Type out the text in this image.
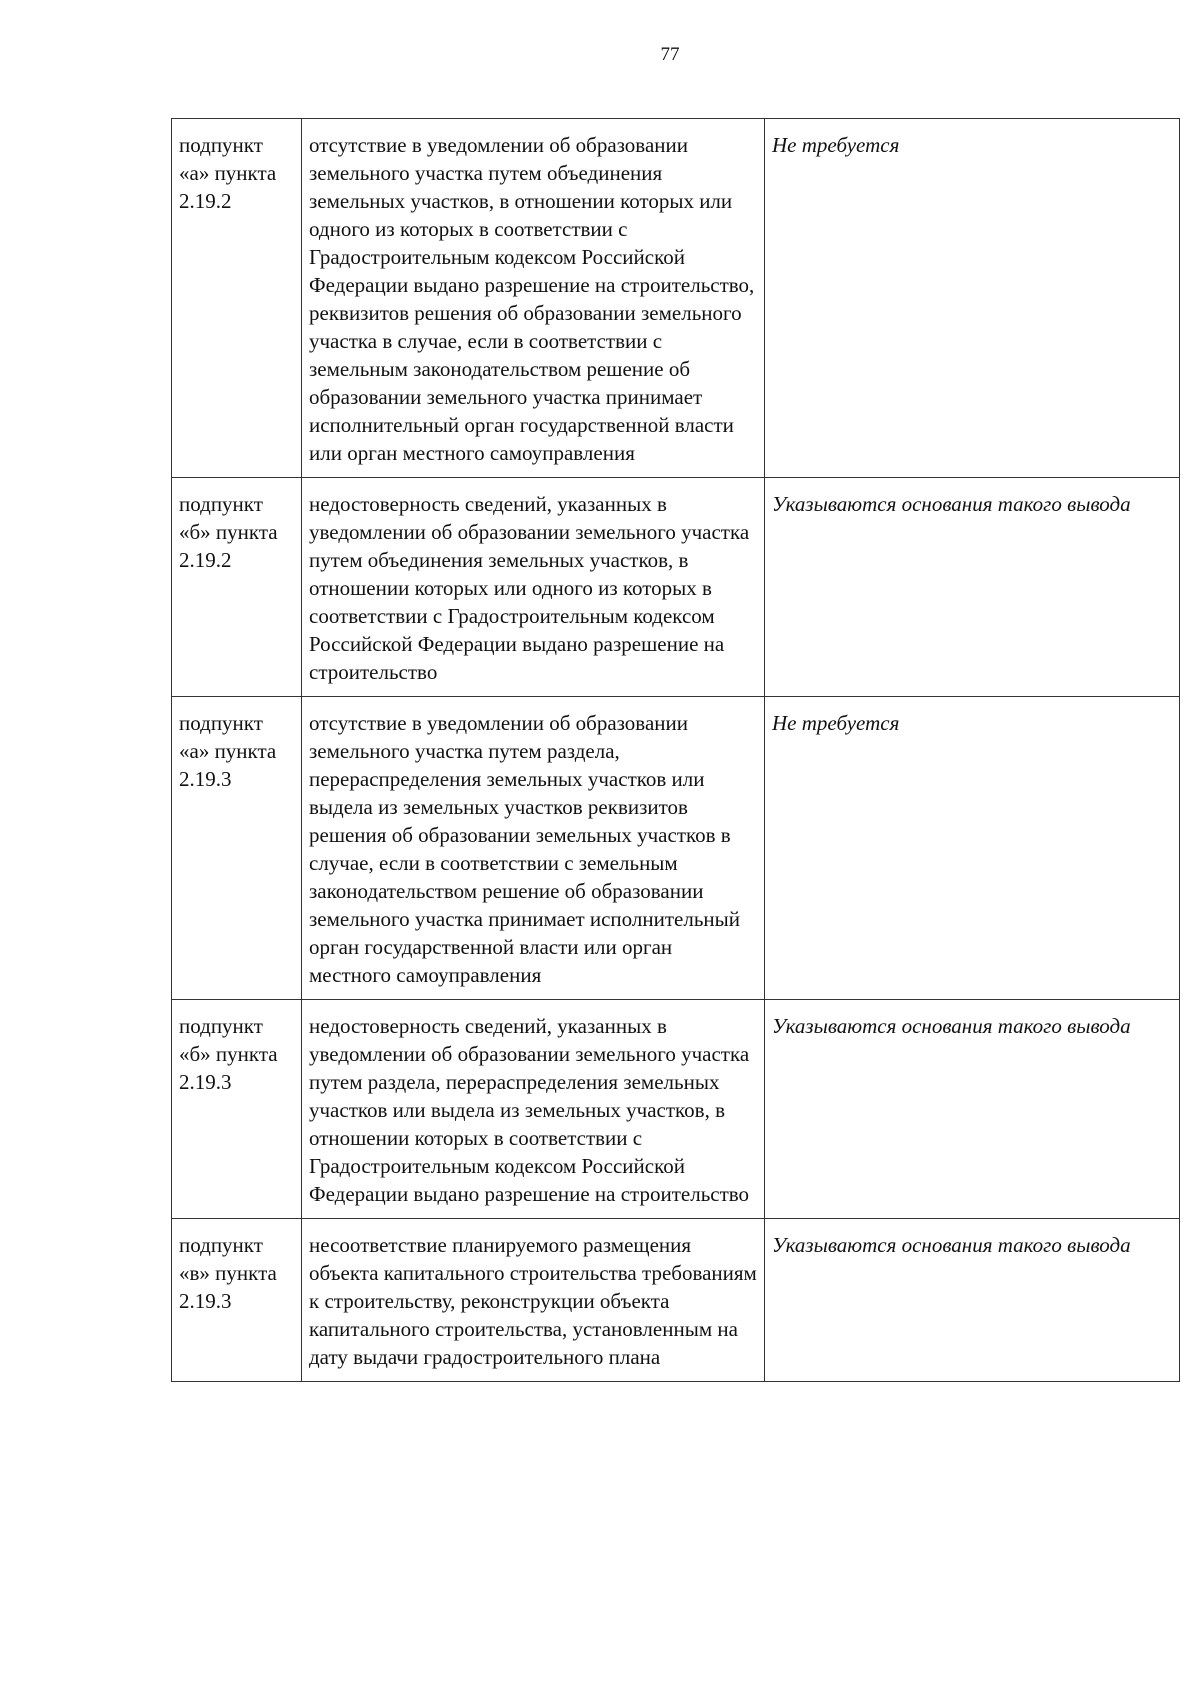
77
подпункт «а» пункта 2.19.2	отсутствие в уведомлении об образовании земельного участка путем объединения земельных участков, в отношении которых или одного из которых в соответствии с Градостроительным кодексом Российской Федерации выдано разрешение на строительство, реквизитов решения об образовании земельного участка в случае, если в соответствии с земельным законодательством решение об образовании земельного участка принимает исполнительный орган государственной власти или орган местного самоуправления	Не требуется
подпункт «б» пункта 2.19.2	недостоверность сведений, указанных в уведомлении об образовании земельного участка путем объединения земельных участков, в отношении которых или одного из которых в соответствии с Градостроительным кодексом Российской Федерации выдано разрешение на строительство	Указываются основания такого вывода
подпункт «а» пункта 2.19.3	отсутствие в уведомлении об образовании земельного участка путем раздела, перераспределения земельных участков или выдела из земельных участков реквизитов решения об образовании земельных участков в случае, если в соответствии с земельным законодательством решение об образовании земельного участка принимает исполнительный орган государственной власти или орган местного самоуправления	Не требуется
подпункт «б» пункта 2.19.3	недостоверность сведений, указанных в уведомлении об образовании земельного участка путем раздела, перераспределения земельных участков или выдела из земельных участков, в отношении которых в соответствии с Градостроительным кодексом Российской Федерации выдано разрешение на строительство	Указываются основания такого вывода
подпункт «в» пункта 2.19.3	несоответствие планируемого размещения объекта капитального строительства требованиям к строительству, реконструкции объекта капитального строительства, установленным на дату выдачи градостроительного плана	Указываются основания такого вывода
